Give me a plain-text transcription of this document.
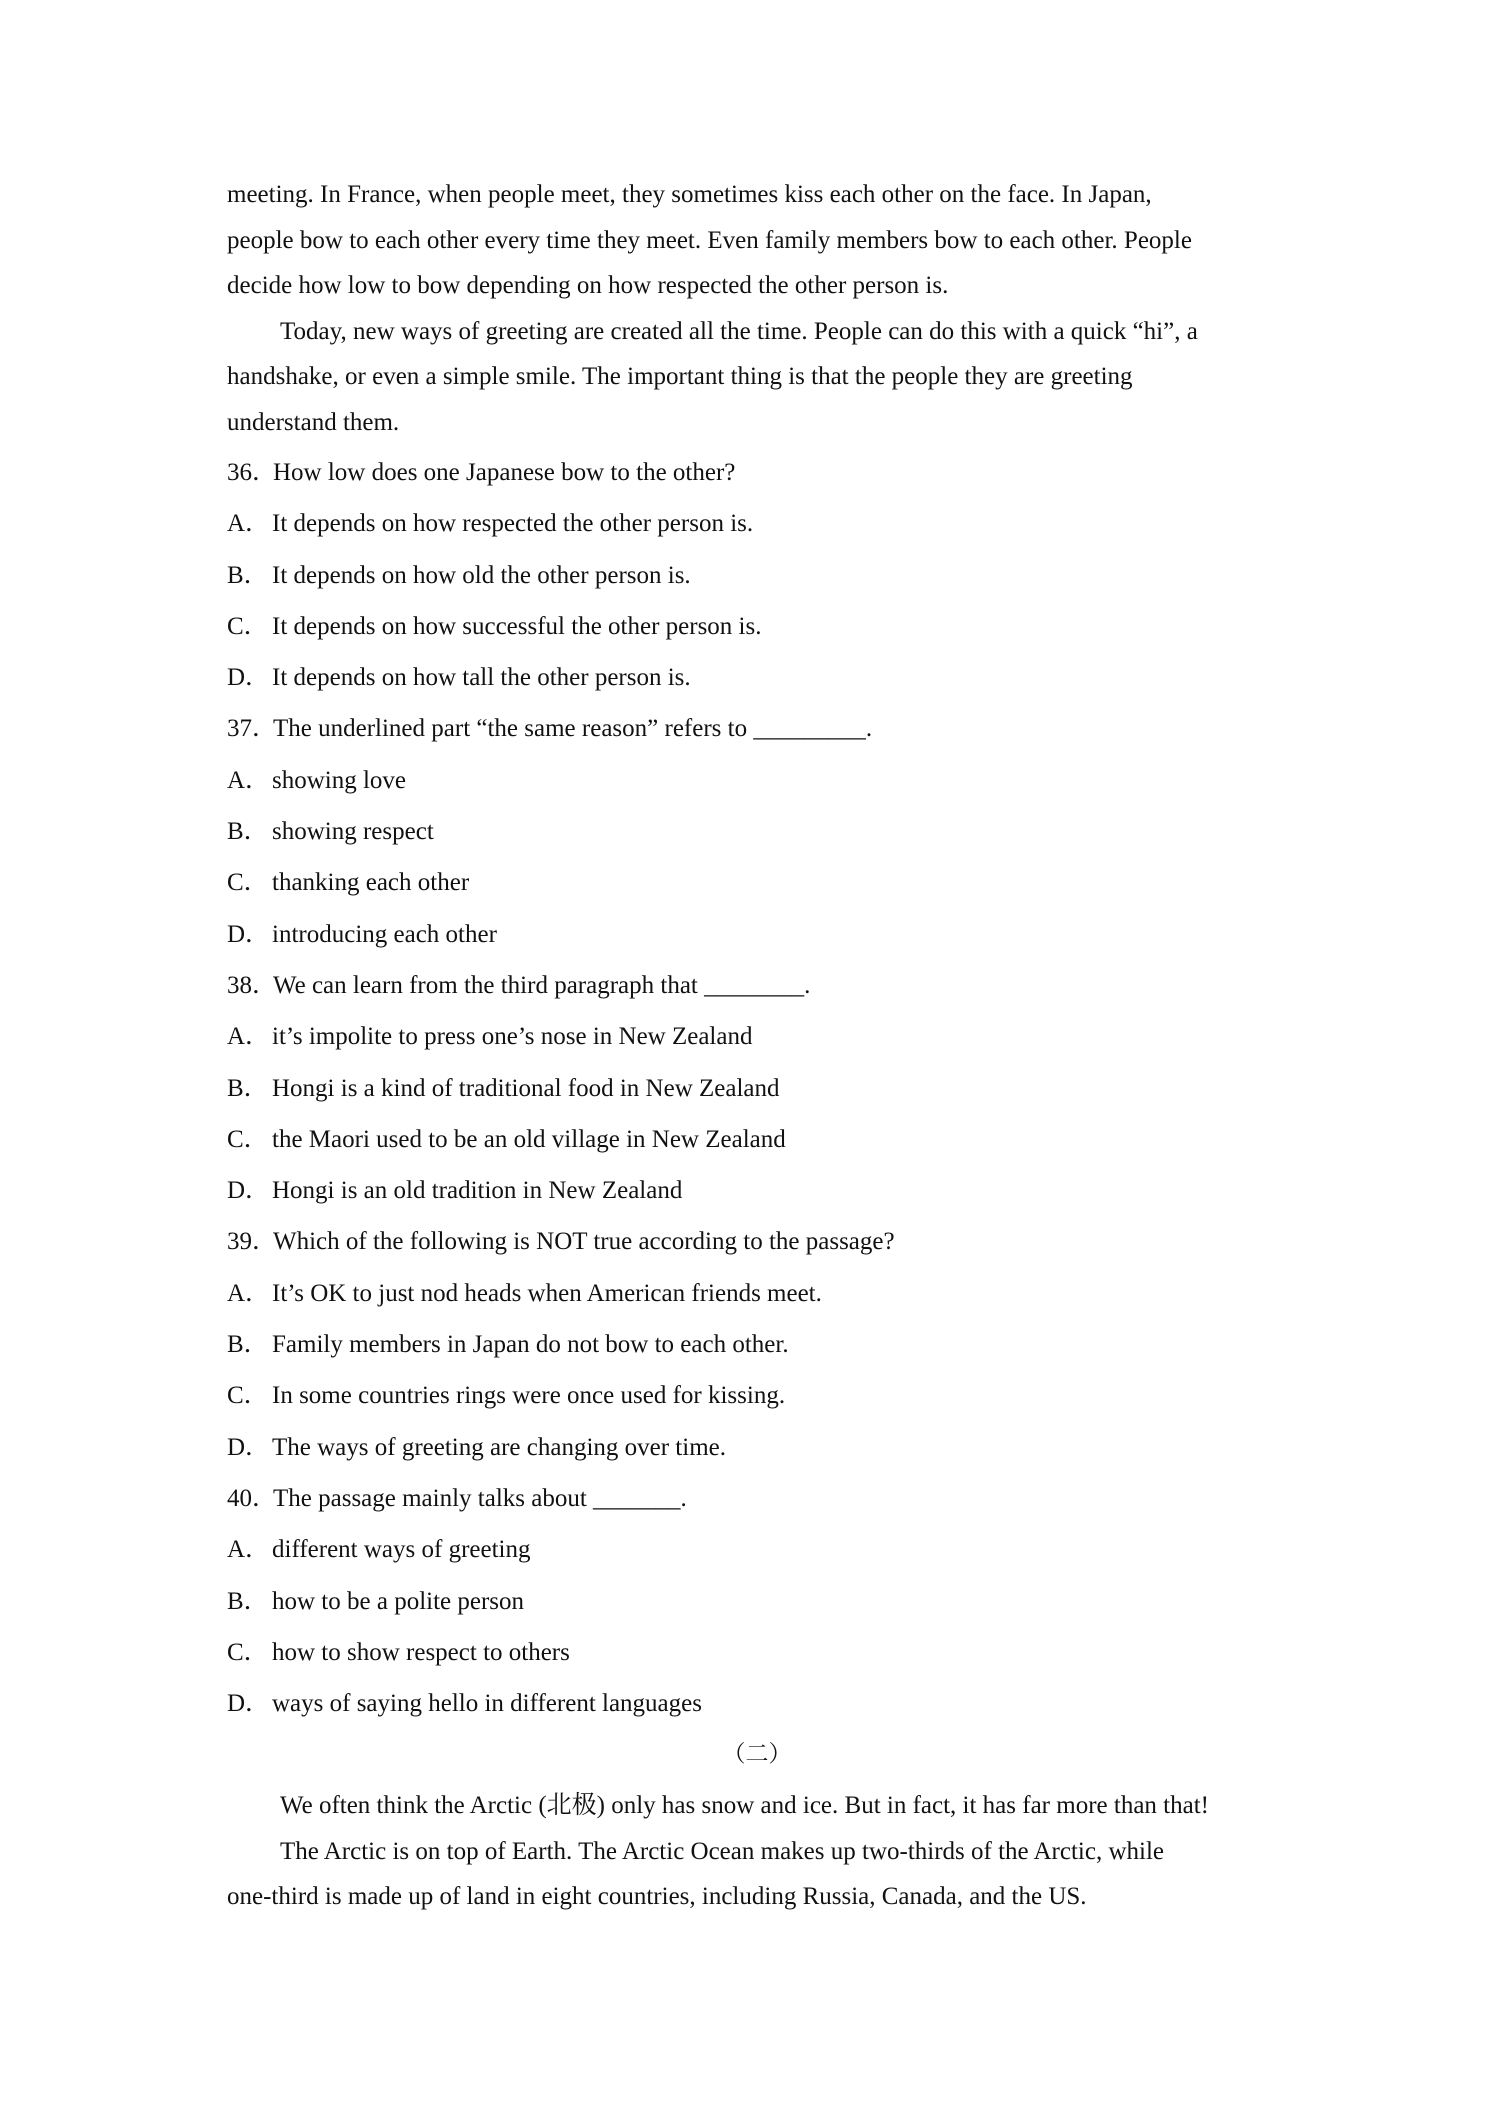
meeting. In France, when people meet, they sometimes kiss each other on the face. In Japan,

people bow to each other every time they meet. Even family members bow to each other. People

decide how low to bow depending on how respected the other person is.

Today, new ways of greeting are created all the time. People can do this with a quick “hi”, a

handshake, or even a simple smile. The important thing is that the people they are greeting

understand them.

36．How low does one Japanese bow to the other?

A．It depends on how respected the other person is.

B． It depends on how old the other person is.

C． It depends on how successful the other person is.

D．It depends on how tall the other person is.

37．The underlined part “the same reason” refers to _________.

A．showing love

B． showing respect

C． thanking each other

D．introducing each other

38．We can learn from the third paragraph that ________.

A．it’s impolite to press one’s nose in New Zealand

B． Hongi is a kind of traditional food in New Zealand

C． the Maori used to be an old village in New Zealand

D．Hongi is an old tradition in New Zealand

39．Which of the following is NOT true according to the passage?

A．It’s OK to just nod heads when American friends meet.

B． Family members in Japan do not bow to each other.

C． In some countries rings were once used for kissing.

D．The ways of greeting are changing over time.

40．The passage mainly talks about _______.

A．different ways of greeting

B． how to be a polite person

C． how to show respect to others

D．ways of saying hello in different languages

（二）

We often think the Arctic (北极) only has snow and ice. But in fact, it has far more than that!

The Arctic is on top of Earth. The Arctic Ocean makes up two-thirds of the Arctic, while

one-third is made up of land in eight countries, including Russia, Canada, and the US.
